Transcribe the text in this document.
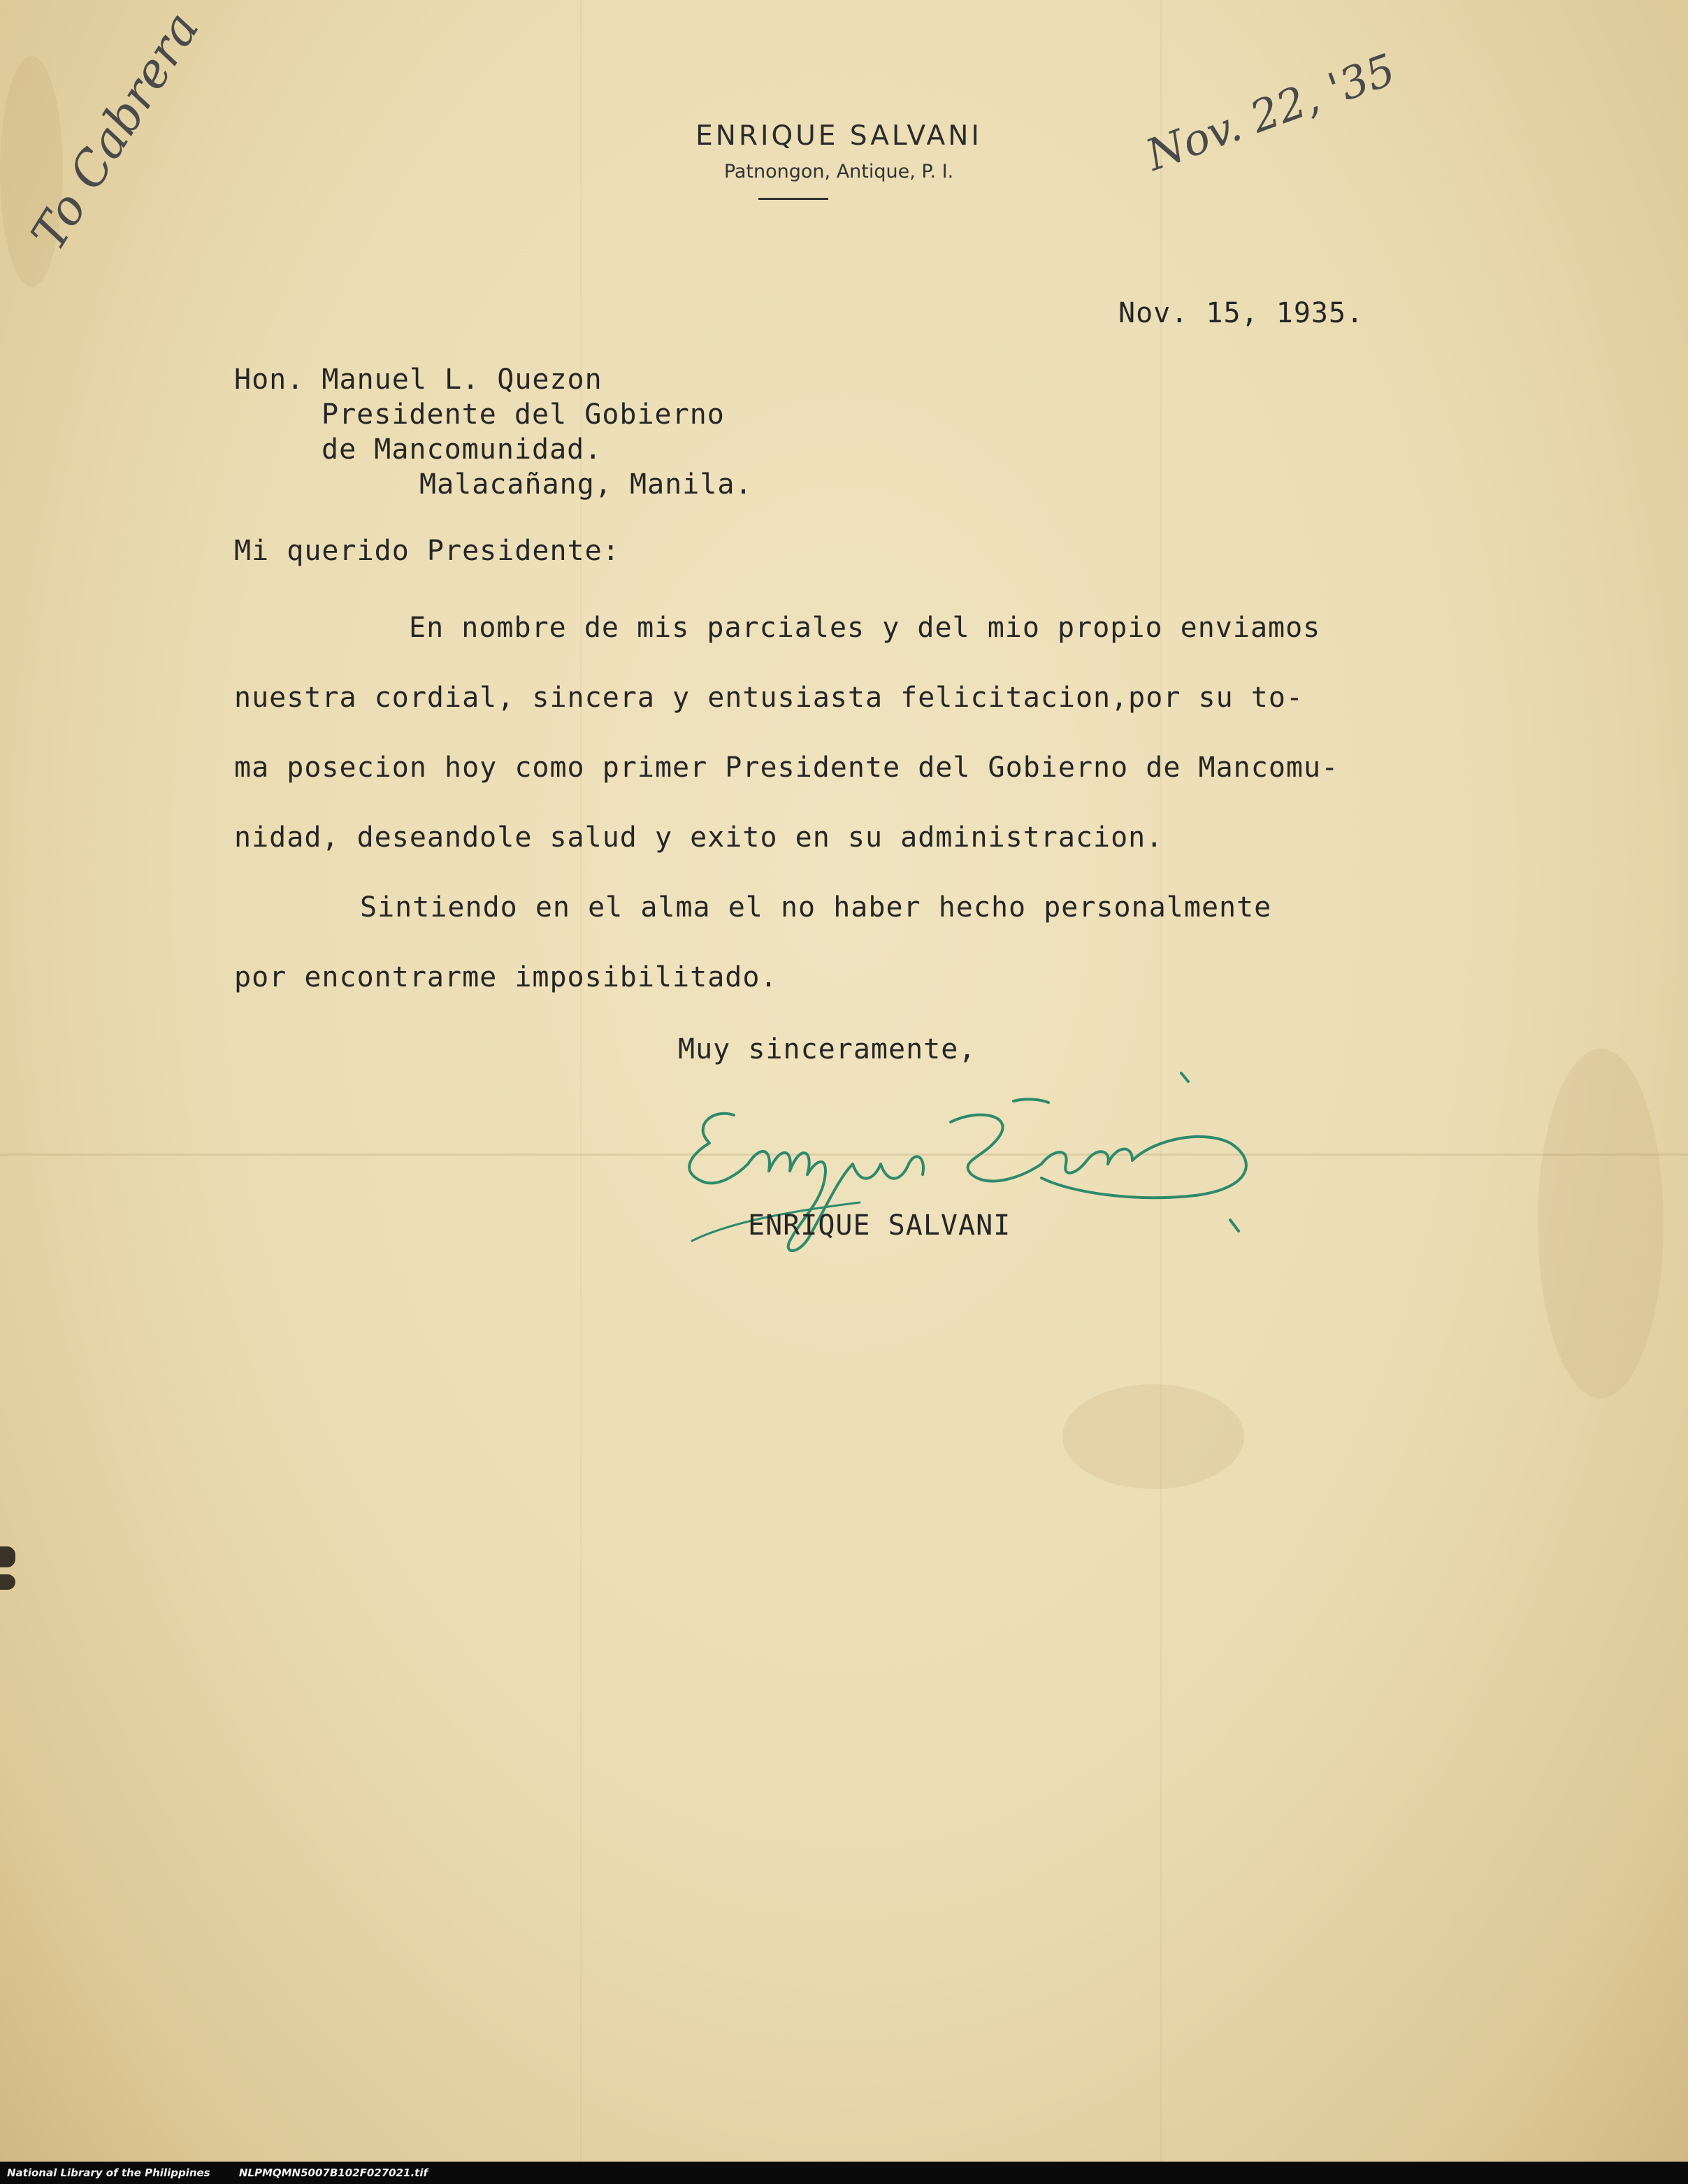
ENRIQUE SALVANI
Patnongon, Antique, P. I.
To Cabrera	Nov. 22, '35
Nov. 15, 1935.
Hon. Manuel L. Quezon
Presidente del Gobierno
de Mancomunidad.
Malacañang, Manila.
Mi querido Presidente:
En nombre de mis parciales y del mio propio enviamos
nuestra cordial, sincera y entusiasta felicitacion,por su to-
ma posecion hoy como primer Presidente del Gobierno de Mancomu-
nidad, deseandole salud y exito en su administracion.
Sintiendo en el alma el no haber hecho personalmente
por encontrarme imposibilitado.
Muy sinceramente,
ENRIQUE SALVANI
National Library of the Philippines	NLPMQMN5007B102F027021.tif
